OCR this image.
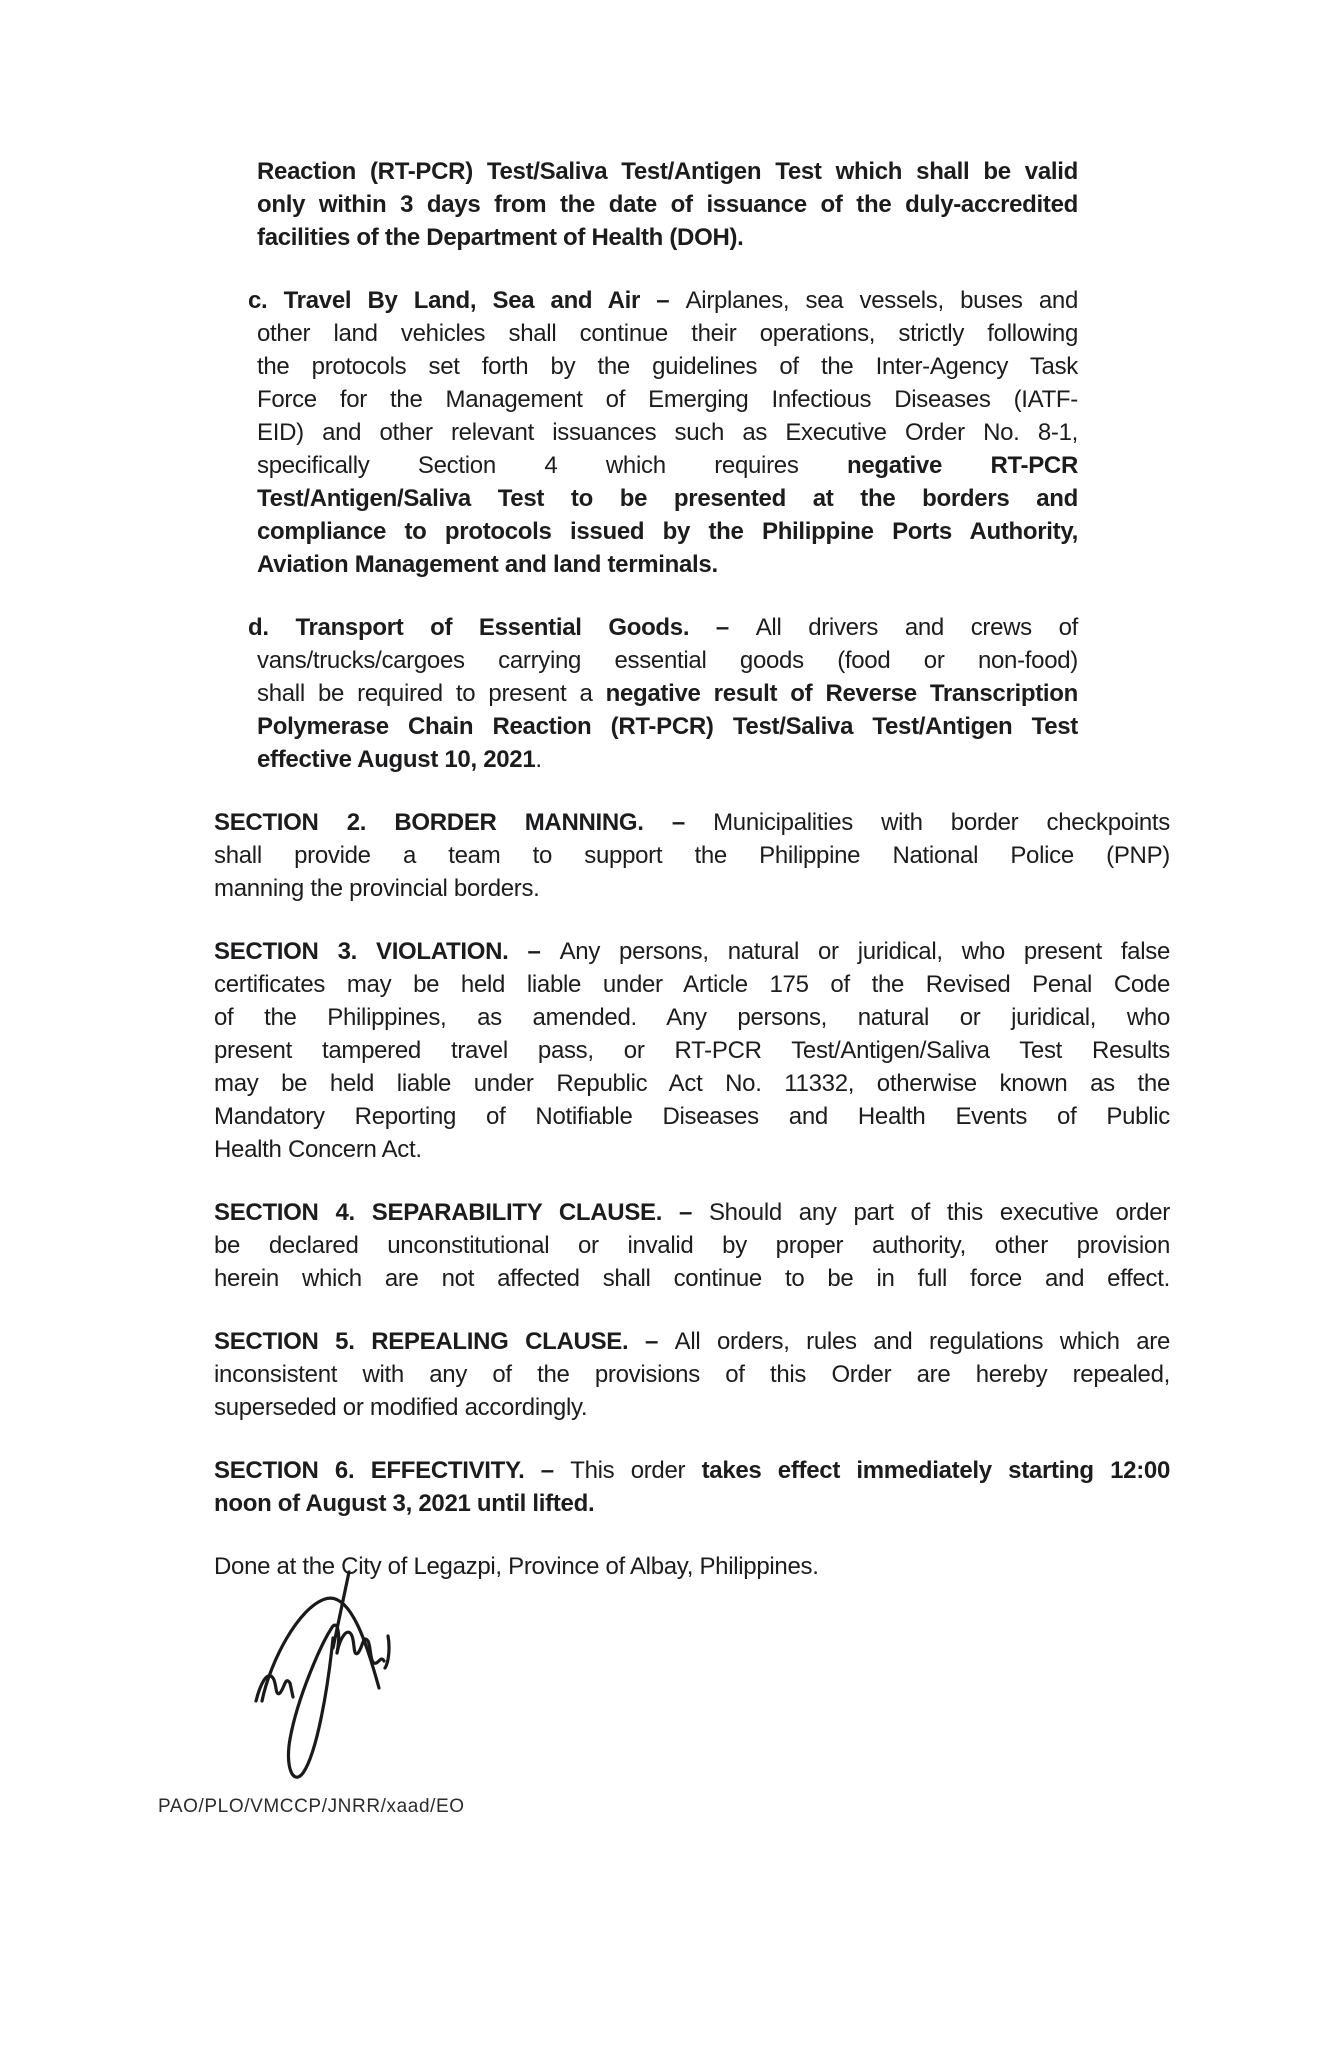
Reaction (RT-PCR) Test/Saliva Test/Antigen Test which shall be valid
only within 3 days from the date of issuance of the duly-accredited
facilities of the Department of Health (DOH).
c. Travel By Land, Sea and Air – Airplanes, sea vessels, buses and
other land vehicles shall continue their operations, strictly following
the protocols set forth by the guidelines of the Inter-Agency Task
Force for the Management of Emerging Infectious Diseases (IATF-
EID) and other relevant issuances such as Executive Order No. 8-1,
specifically Section 4 which requires negative RT-PCR
Test/Antigen/Saliva Test to be presented at the borders and
compliance to protocols issued by the Philippine Ports Authority,
Aviation Management and land terminals.
d. Transport of Essential Goods. – All drivers and crews of
vans/trucks/cargoes carrying essential goods (food or non-food)
shall be required to present a negative result of Reverse Transcription
Polymerase Chain Reaction (RT-PCR) Test/Saliva Test/Antigen Test
effective August 10, 2021.
SECTION 2. BORDER MANNING. – Municipalities with border checkpoints
shall provide a team to support the Philippine National Police (PNP)
manning the provincial borders.
SECTION 3. VIOLATION. – Any persons, natural or juridical, who present false
certificates may be held liable under Article 175 of the Revised Penal Code
of the Philippines, as amended. Any persons, natural or juridical, who
present tampered travel pass, or RT-PCR Test/Antigen/Saliva Test Results
may be held liable under Republic Act No. 11332, otherwise known as the
Mandatory Reporting of Notifiable Diseases and Health Events of Public
Health Concern Act.
SECTION 4. SEPARABILITY CLAUSE. – Should any part of this executive order
be declared unconstitutional or invalid by proper authority, other provision
herein which are not affected shall continue to be in full force and effect.
SECTION 5. REPEALING CLAUSE. – All orders, rules and regulations which are
inconsistent with any of the provisions of this Order are hereby repealed,
superseded or modified accordingly.
SECTION 6. EFFECTIVITY. – This order takes effect immediately starting 12:00
noon of August 3, 2021 until lifted.
Done at the City of Legazpi, Province of Albay, Philippines.
PAO/PLO/VMCCP/JNRR/xaad/EO
